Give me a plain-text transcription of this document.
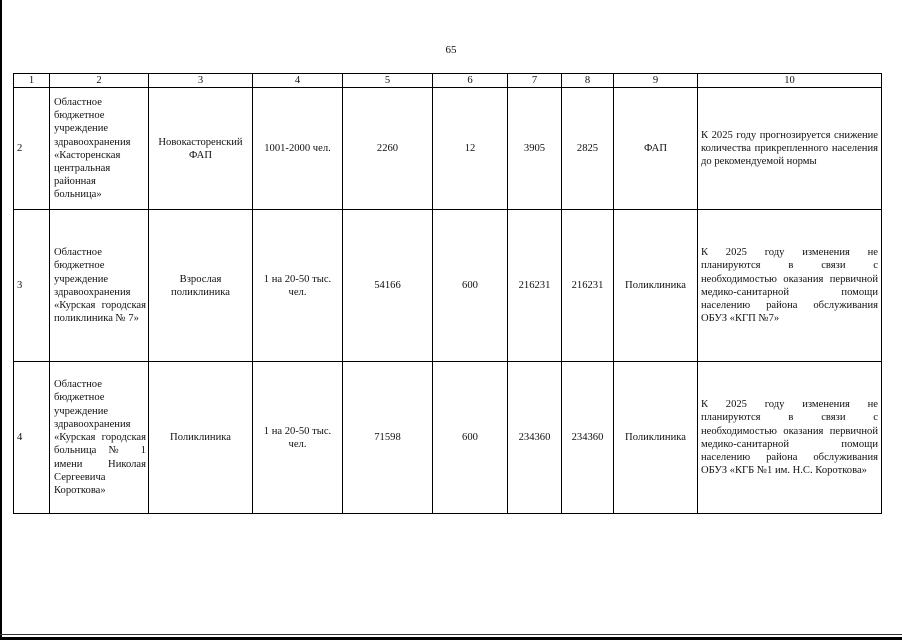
65
1	2	3	4	5	6	7	8	9	10
2	Областное бюджетное учреждение здравоохранения «Касторенская центральная районная больница»	Новокасторенский ФАП	1001-2000 чел.	2260	12	3905	2825	ФАП	К 2025 году прогнозируется снижение количества прикрепленного населения до рекомендуемой нормы
3	Областное бюджетное учреждение здравоохранения «Курская городская поликлиника № 7»	Взрослая поликлиника	1 на 20-50 тыс. чел.	54166	600	216231	216231	Поликлиника	К 2025 году изменения не планируются в связи с необходимостью оказания первичной медико-санитарной помощи населению района обслуживания ОБУЗ «КГП №7»
4	Областное бюджетное учреждение здравоохранения «Курская городская больница № 1 имени Николая Сергеевича Короткова»	Поликлиника	1 на 20-50 тыс. чел.	71598	600	234360	234360	Поликлиника	К 2025 году изменения не планируются в связи с необходимостью оказания первичной медико-санитарной помощи населению района обслуживания ОБУЗ «КГБ №1 им. Н.С. Короткова»
